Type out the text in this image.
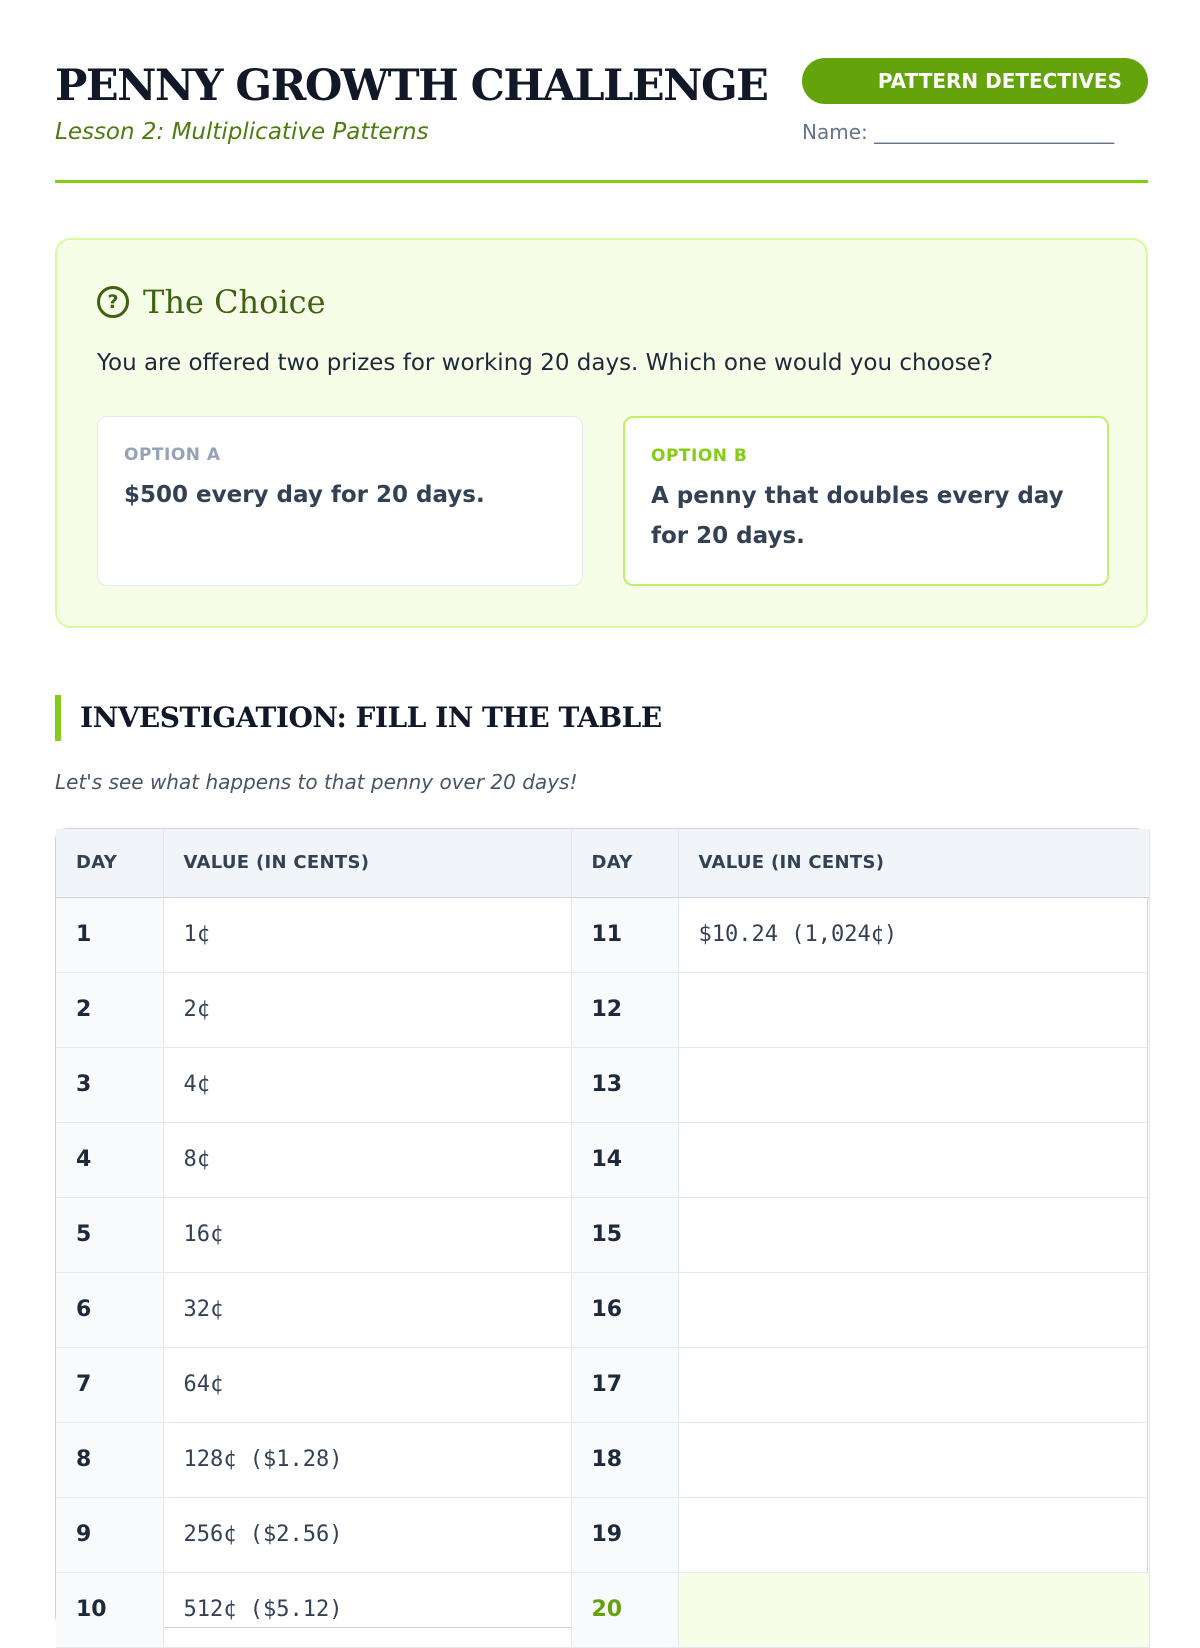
PENNY GROWTH CHALLENGE
Lesson 2: Multiplicative Patterns
PATTERN DETECTIVES
Name: ________________________
? The Choice
You are offered two prizes for working 20 days. Which one would you choose?
OPTION A
$500 every day for 20 days.
OPTION B
A penny that doubles every day for 20 days.
INVESTIGATION: FILL IN THE TABLE
Let's see what happens to that penny over 20 days!
DAY	VALUE (IN CENTS)	DAY	VALUE (IN CENTS)
1	1¢	11	$10.24 (1,024¢)
2	2¢	12	
3	4¢	13	
4	8¢	14	
5	16¢	15	
6	32¢	16	
7	64¢	17	
8	128¢ ($1.28)	18	
9	256¢ ($2.56)	19	
10	512¢ ($5.12)	20	
